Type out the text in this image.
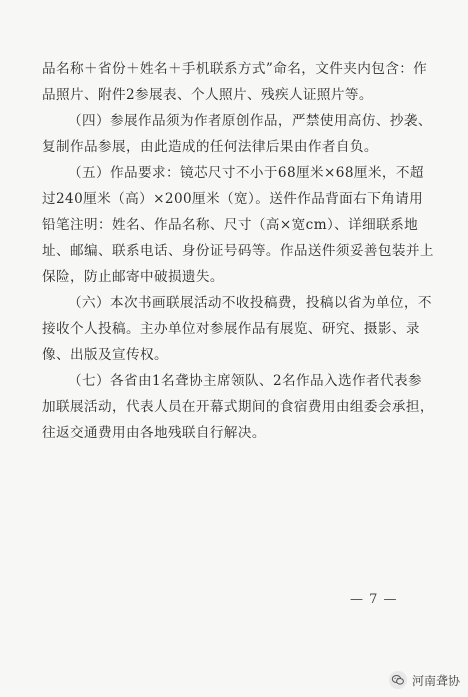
品名称＋省份＋姓名＋手机联系方式”命名，文件夹内包含：作
品照片、附件2参展表、个人照片、残疾人证照片等。

（四）参展作品须为作者原创作品，严禁使用高仿、抄袭、
复制作品参展，由此造成的任何法律后果由作者自负。

（五）作品要求：镜芯尺寸不小于68厘米×68厘米，不超
过240厘米（高）×200厘米（宽）。送件作品背面右下角请用
铅笔注明：姓名、作品名称、尺寸（高×宽cm）、详细联系地
址、邮编、联系电话、身份证号码等。作品送件须妥善包装并上
保险，防止邮寄中破损遗失。

（六）本次书画联展活动不收投稿费，投稿以省为单位，不
接收个人投稿。主办单位对参展作品有展览、研究、摄影、录
像、出版及宣传权。

（七）各省由1名聋协主席领队、2名作品入选作者代表参
加联展活动，代表人员在开幕式期间的食宿费用由组委会承担，
往返交通费用由各地残联自行解决。

— 7 —
河南聋协
